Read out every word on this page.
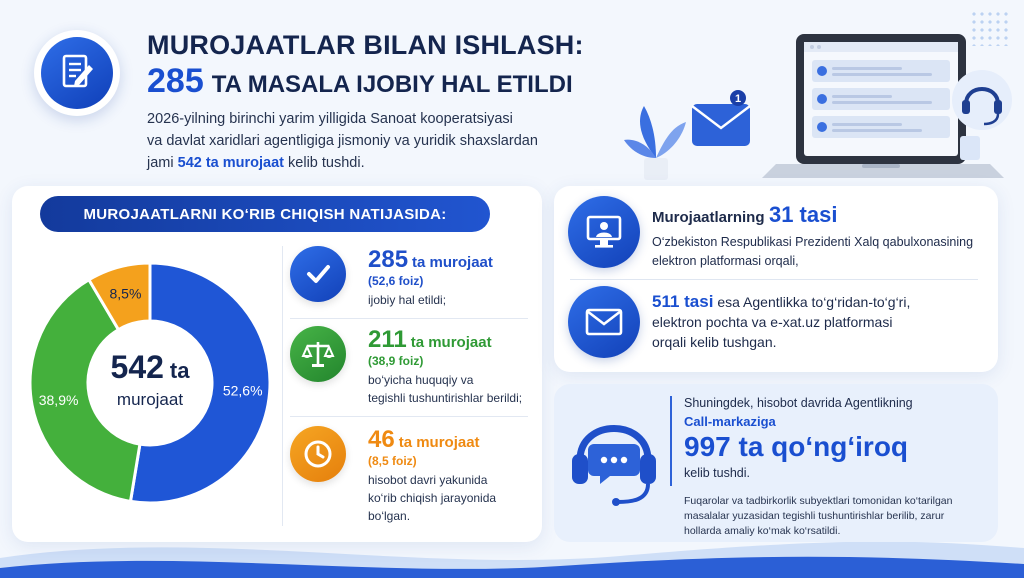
MUROJAATLAR BILAN ISHLASH:
285 TA MASALA IJOBIY HAL ETILDI
2026-yilning birinchi yarim yilligida Sanoat kooperatsiyasi
va davlat xaridlari agentligiga jismoniy va yuridik shaxslardan
jami 542 ta murojaat kelib tushdi.
1
MUROJAATLARNI KO‘RIB CHIQISH NATIJASIDA:
542 ta
murojaat	52,6%
38,9%
8,5%
285 ta murojaat
(52,6 foiz)
ijobiy hal etildi;
211 ta murojaat
(38,9 foiz)
bo‘yicha huquqiy va
tegishli tushuntirishlar berildi;
46 ta murojaat
(8,5 foiz)
hisobot davri yakunida
ko‘rib chiqish jarayonida
bo‘lgan.
Murojaatlarning 31 tasi
O‘zbekiston Respublikasi Prezidenti Xalq qabulxonasining
elektron platformasi orqali,
511 tasi esa Agentlikka to‘g‘ridan-to‘g‘ri,
elektron pochta va e-xat.uz platformasi
orqali kelib tushgan.
Shuningdek, hisobot davrida Agentlikning
Call-markaziga
997 ta qo‘ng‘iroq
kelib tushdi.
Fuqarolar va tadbirkorlik subyektlari tomonidan ko‘tarilgan
masalalar yuzasidan tegishli tushuntirishlar berilib, zarur
hollarda amaliy ko‘mak ko‘rsatildi.
